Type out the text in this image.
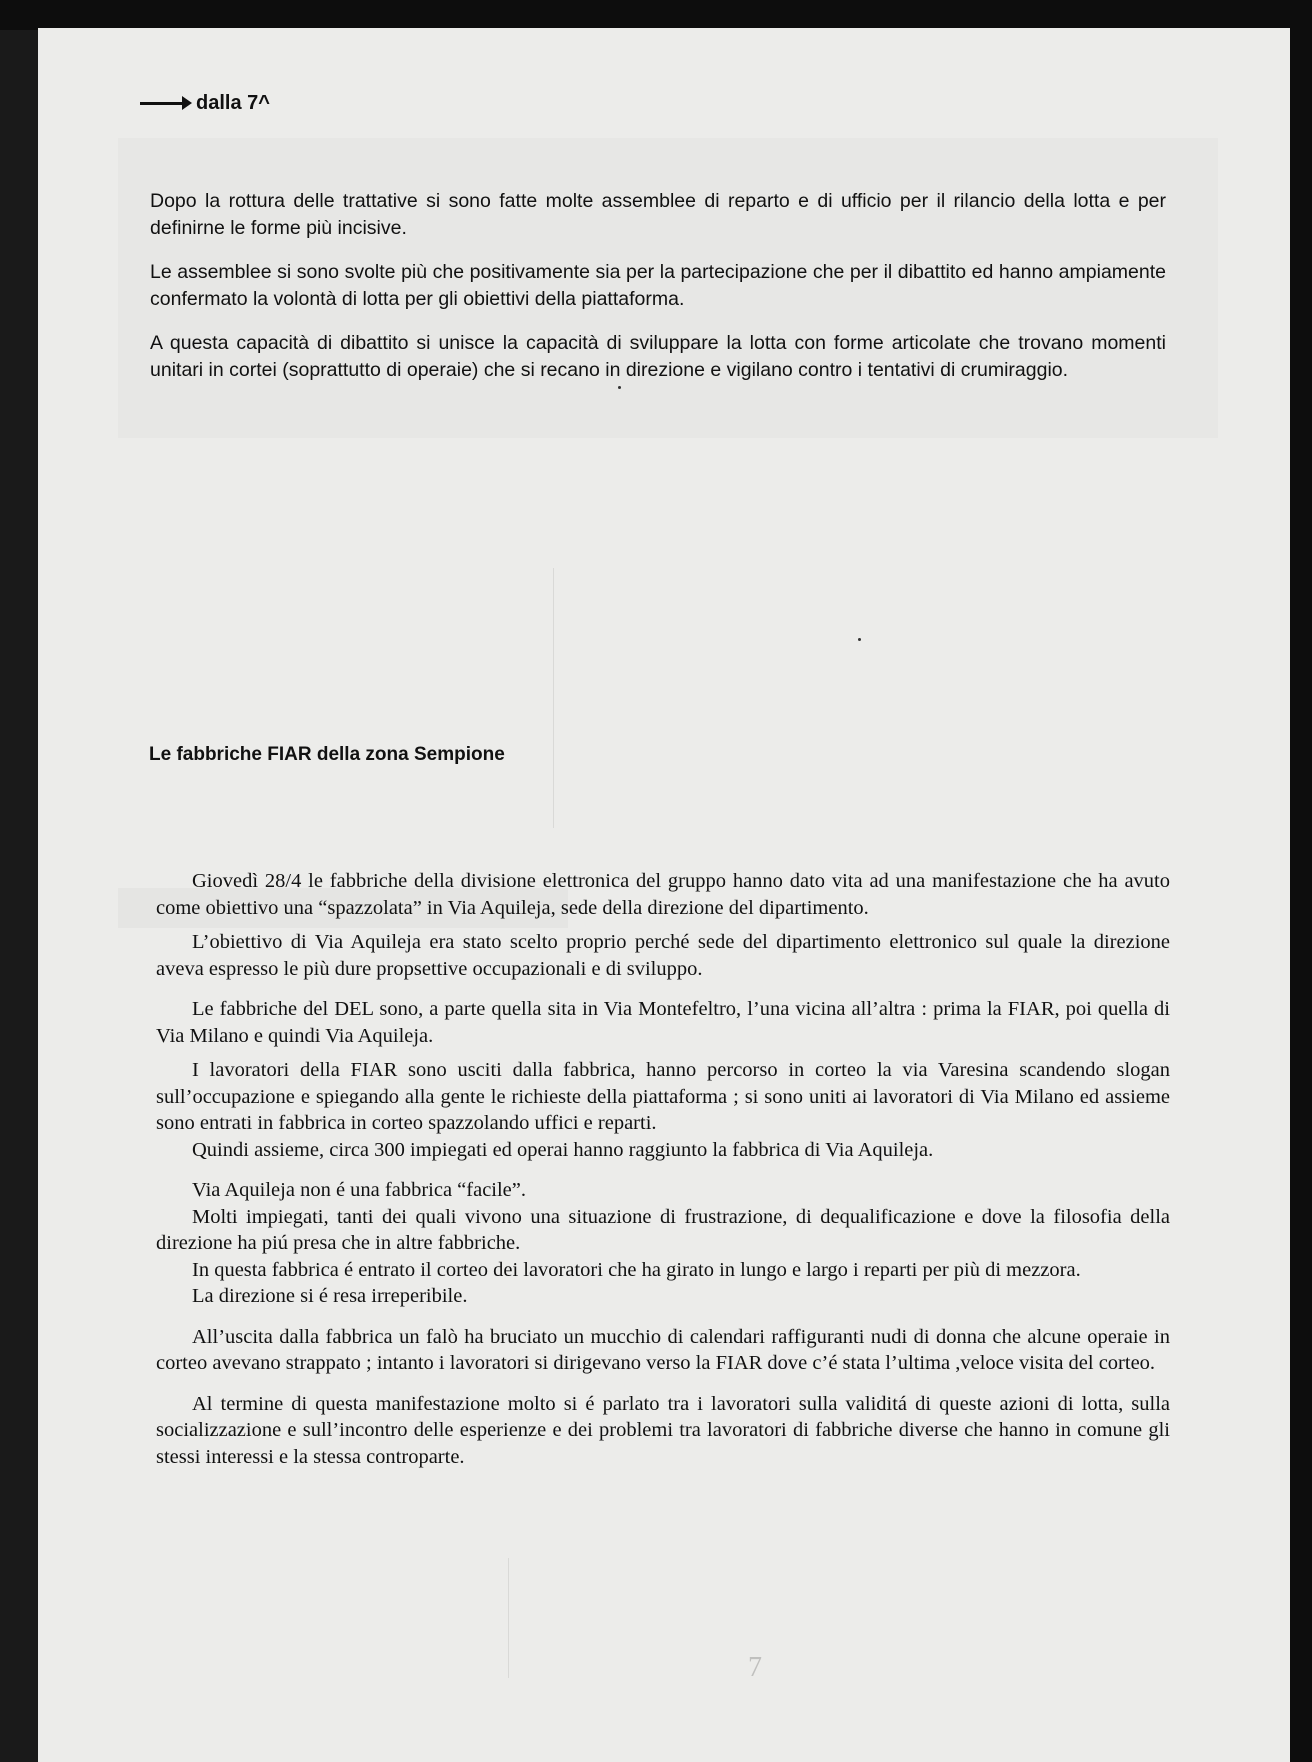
7
dalla 7^

Dopo la rottura delle trattative si sono fatte molte assemblee di reparto e di ufficio per il rilancio della lotta e per definirne le forme più incisive.

Le assemblee si sono svolte più che positivamente sia per la partecipazione che per il dibattito ed hanno ampiamente confermato la volontà di lotta per gli obiettivi della piattaforma.

A questa capacità di dibattito si unisce la capacità di sviluppare la lotta con forme articolate che trovano momenti unitari in cortei (soprattutto di operaie) che si recano in direzione e vigilano contro i tentativi di crumiraggio.

Le fabbriche FIAR della zona Sempione

Giovedì 28/4 le fabbriche della divisione elettronica del gruppo hanno dato vita ad una manifestazione che ha avuto come obiettivo una “spazzolata” in Via Aquileja, sede della direzione del dipartimento.

L’obiettivo di Via Aquileja era stato scelto proprio perché sede del dipartimento elettronico sul quale la direzione aveva espresso le più dure propsettive occupazionali e di sviluppo.

Le fabbriche del DEL sono, a parte quella sita in Via Montefeltro, l’una vicina all’altra : prima la FIAR, poi quella di Via Milano e quindi Via Aquileja.

I lavoratori della FIAR sono usciti dalla fabbrica, hanno percorso in corteo la via Varesina scandendo slogan sull’occupazione e spiegando alla gente le richieste della piattaforma ; si sono uniti ai lavoratori di Via Milano ed assieme sono entrati in fabbrica in corteo spazzolando uffici e reparti.

Quindi assieme, circa 300 impiegati ed operai hanno raggiunto la fabbrica di Via Aquileja.

Via Aquileja non é una fabbrica “facile”.

Molti impiegati, tanti dei quali vivono una situazione di frustrazione, di dequalificazione e dove la filosofia della direzione ha piú presa che in altre fabbriche.

In questa fabbrica é entrato il corteo dei lavoratori che ha girato in lungo e largo i reparti per più di mezzora.

La direzione si é resa irreperibile.

All’uscita dalla fabbrica un falò ha bruciato un mucchio di calendari raffiguranti nudi di donna che alcune operaie in corteo avevano strappato ; intanto i lavoratori si dirigevano verso la FIAR dove c’é stata l’ultima ,veloce visita del corteo.

Al termine di questa manifestazione molto si é parlato tra i lavoratori sulla validitá di queste azioni di lotta, sulla socializzazione e sull’incontro delle esperienze e dei problemi tra lavoratori di fabbriche diverse che hanno in comune gli stessi interessi e la stessa controparte.
